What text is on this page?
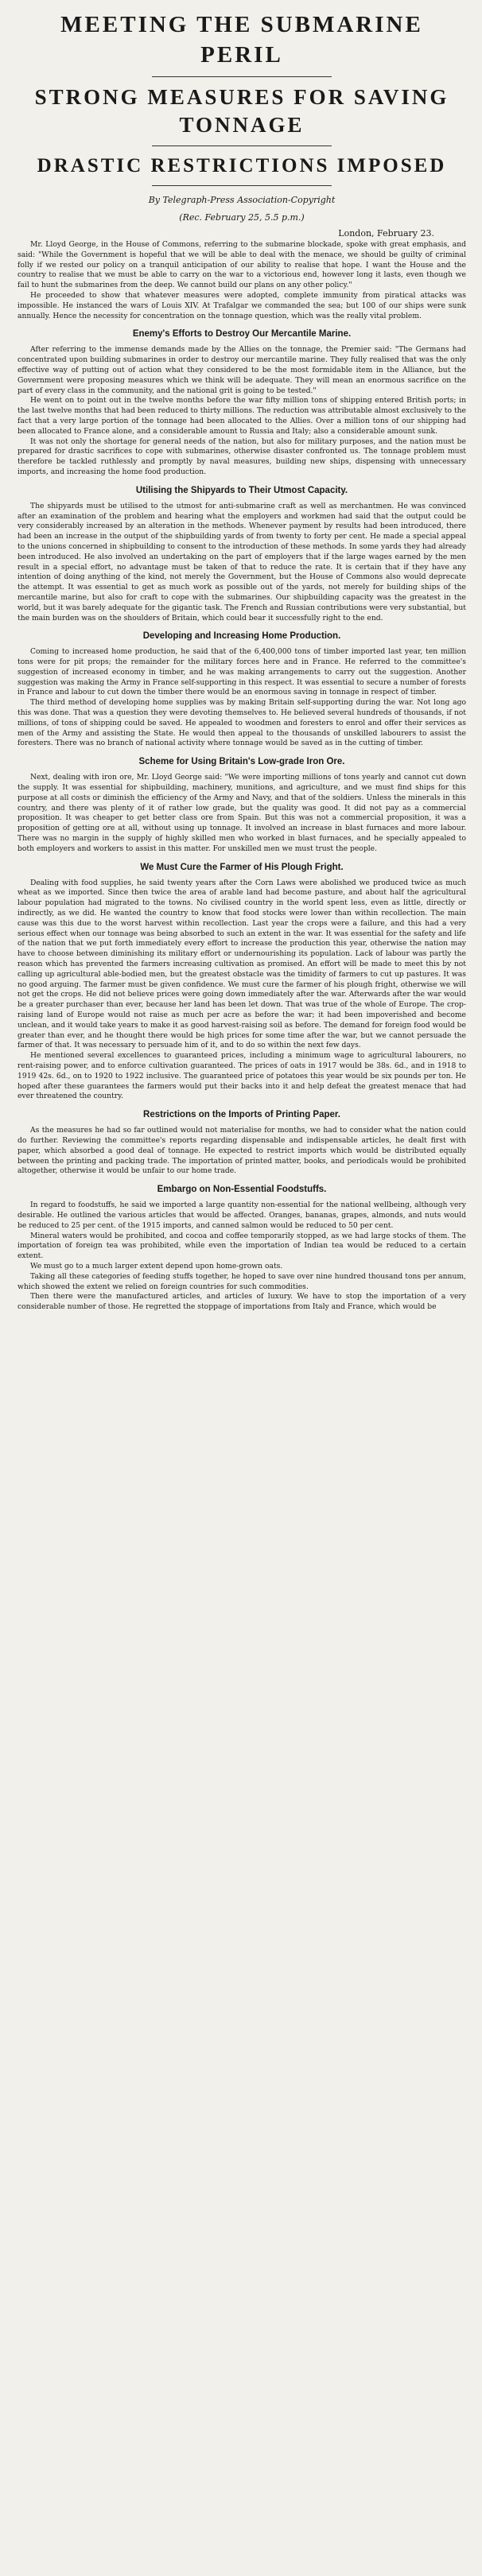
MEETING THE SUBMARINE PERIL
STRONG MEASURES FOR SAVING TONNAGE
DRASTIC RESTRICTIONS IMPOSED
By Telegraph-Press Association-Copyright
(Rec. February 25, 5.5 p.m.)
London, February 23.

Mr. Lloyd George, in the House of Commons, referring to the submarine blockade, spoke with great emphasis, and said: "While the Government is hopeful that we will be able to deal with the menace, we should be guilty of criminal folly if we rested our policy on a tranquil anticipation of our ability to realise that hope. I want the House and the country to realise that we must be able to carry on the war to a victorious end, however long it lasts, even though we fail to hunt the submarines from the deep. We cannot build our plans on any other policy."

He proceeded to show that whatever measures were adopted, complete immunity from piratical attacks was impossible. He instanced the wars of Louis XIV. At Trafalgar we commanded the sea; but 100 of our ships were sunk annually. Hence the necessity for concentration on the tonnage question, which was the really vital problem.

Enemy's Efforts to Destroy Our Mercantile Marine.

After referring to the immense demands made by the Allies on the tonnage, the Premier said: "The Germans had concentrated upon building submarines in order to destroy our mercantile marine. They fully realised that was the only effective way of putting out of action what they considered to be the most formidable item in the Alliance, but the Government were proposing measures which we think will be adequate. They will mean an enormous sacrifice on the part of every class in the community, and the national grit is going to be tested."

He went on to point out in the twelve months before the war fifty million tons of shipping entered British ports; in the last twelve months that had been reduced to thirty millions. The reduction was attributable almost exclusively to the fact that a very large portion of the tonnage had been allocated to the Allies. Over a million tons of our shipping had been allocated to France alone, and a considerable amount to Russia and Italy; also a considerable amount sunk.

It was not only the shortage for general needs of the nation, but also for military purposes, and the nation must be prepared for drastic sacrifices to cope with submarines, otherwise disaster confronted us. The tonnage problem must therefore be tackled ruthlessly and promptly by naval measures, building new ships, dispensing with unnecessary imports, and increasing the home food production.

Utilising the Shipyards to Their Utmost Capacity.

The shipyards must be utilised to the utmost for anti-submarine craft as well as merchantmen. He was convinced after an examination of the problem and hearing what the employers and workmen had said that the output could be very considerably increased by an alteration in the methods. Whenever payment by results had been introduced, there had been an increase in the output of the shipbuilding yards of from twenty to forty per cent. He made a special appeal to the unions concerned in shipbuilding to consent to the introduction of these methods. In some yards they had already been introduced. He also involved an undertaking on the part of employers that if the large wages earned by the men result in a special effort, no advantage must be taken of that to reduce the rate. It is certain that if they have any intention of doing anything of the kind, not merely the Government, but the House of Commons also would deprecate the attempt. It was essential to get as much work as possible out of the yards, not merely for building ships of the mercantile marine, but also for craft to cope with the submarines. Our shipbuilding capacity was the greatest in the world, but it was barely adequate for the gigantic task. The French and Russian contributions were very substantial, but the main burden was on the shoulders of Britain, which could bear it successfully right to the end.

Developing and Increasing Home Production.

Coming to increased home production, he said that of the 6,400,000 tons of timber imported last year, ten million tons were for pit props; the remainder for the military forces here and in France. He referred to the committee's suggestion of increased economy in timber, and he was making arrangements to carry out the suggestion. Another suggestion was making the Army in France self-supporting in this respect. It was essential to secure a number of forests in France and labour to cut down the timber there would be an enormous saving in tonnage in respect of timber.

The third method of developing home supplies was by making Britain self-supporting during the war. Not long ago this was done. That was a question they were devoting themselves to. He believed several hundreds of thousands, if not millions, of tons of shipping could be saved. He appealed to woodmen and foresters to enrol and offer their services as men of the Army and assisting the State. He would then appeal to the thousands of unskilled labourers to assist the foresters. There was no branch of national activity where tonnage would be saved as in the cutting of timber.

Scheme for Using Britain's Low-grade Iron Ore.

Next, dealing with iron ore, Mr. Lloyd George said: "We were importing millions of tons yearly and cannot cut down the supply. It was essential for shipbuilding, machinery, munitions, and agriculture, and we must find ships for this purpose at all costs or diminish the efficiency of the Army and Navy, and that of the soldiers. Unless the minerals in this country, and there was plenty of it of rather low grade, but the quality was good. It did not pay as a commercial proposition. It was cheaper to get better class ore from Spain. But this was not a commercial proposition, it was a proposition of getting ore at all, without using up tonnage. It involved an increase in blast furnaces and more labour. There was no margin in the supply of highly skilled men who worked in blast furnaces, and he specially appealed to both employers and workers to assist in this matter. For unskilled men we must trust the people.

We Must Cure the Farmer of His Plough Fright.

Dealing with food supplies, he said twenty years after the Corn Laws were abolished we produced twice as much wheat as we imported. Since then twice the area of arable land had become pasture, and about half the agricultural labour population had migrated to the towns. No civilised country in the world spent less, even as little, directly or indirectly, as we did. He wanted the country to know that food stocks were lower than within recollection. The main cause was this due to the worst harvest within recollection. Last year the crops were a failure, and this had a very serious effect when our tonnage was being absorbed to such an extent in the war. It was essential for the safety and life of the nation that we put forth immediately every effort to increase the production this year, otherwise the nation may have to choose between diminishing its military effort or undernourishing its population. Lack of labour was partly the reason which has prevented the farmers increasing cultivation as promised. An effort will be made to meet this by not calling up agricultural able-bodied men, but the greatest obstacle was the timidity of farmers to cut up pastures. It was no good arguing. The farmer must be given confidence. We must cure the farmer of his plough fright, otherwise we will not get the crops. He did not believe prices were going down immediately after the war. Afterwards after the war would be a greater purchaser than ever, because her land has been let down. That was true of the whole of Europe. The crop-raising land of Europe would not raise as much per acre as before the war; it had been impoverished and become unclean, and it would take years to make it as good harvest-raising soil as before. The demand for foreign food would be greater than ever, and he thought there would be high prices for some time after the war, but we cannot persuade the farmer of that. It was necessary to persuade him of it, and to do so within the next few days.

He mentioned several excellences to guaranteed prices, including a minimum wage to agricultural labourers, no rent-raising power, and to enforce cultivation guaranteed. The prices of oats in 1917 would be 38s. 6d., and in 1918 to 1919 42s. 6d., on to 1920 to 1922 inclusive. The guaranteed price of potatoes this year would be six pounds per ton. He hoped after these guarantees the farmers would put their backs into it and help defeat the greatest menace that had ever threatened the country.

Restrictions on the Imports of Printing Paper.

As the measures he had so far outlined would not materialise for months, we had to consider what the nation could do further. Reviewing the committee's reports regarding dispensable and indispensable articles, he dealt first with paper, which absorbed a good deal of tonnage. He expected to restrict imports which would be distributed equally between the printing and packing trade. The importation of printed matter, books, and periodicals would be prohibited altogether, otherwise it would be unfair to our home trade.

Embargo on Non-Essential Foodstuffs.

In regard to foodstuffs, he said we imported a large quantity non-essential for the national wellbeing, although very desirable. He outlined the various articles that would be affected. Oranges, bananas, grapes, almonds, and nuts would be reduced to 25 per cent. of the 1915 imports, and canned salmon would be reduced to 50 per cent.

Mineral waters would be prohibited, and cocoa and coffee temporarily stopped, as we had large stocks of them. The importation of foreign tea was prohibited, while even the importation of Indian tea would be reduced to a certain extent.

We must go to a much larger extent depend upon home-grown oats.

Taking all these categories of feeding stuffs together, he hoped to save over nine hundred thousand tons per annum, which showed the extent we relied on foreign countries for such commodities.

Then there were the manufactured articles, and articles of luxury. We have to stop the importation of a very considerable number of those. He regretted the stoppage of importations from Italy and France, which would be
